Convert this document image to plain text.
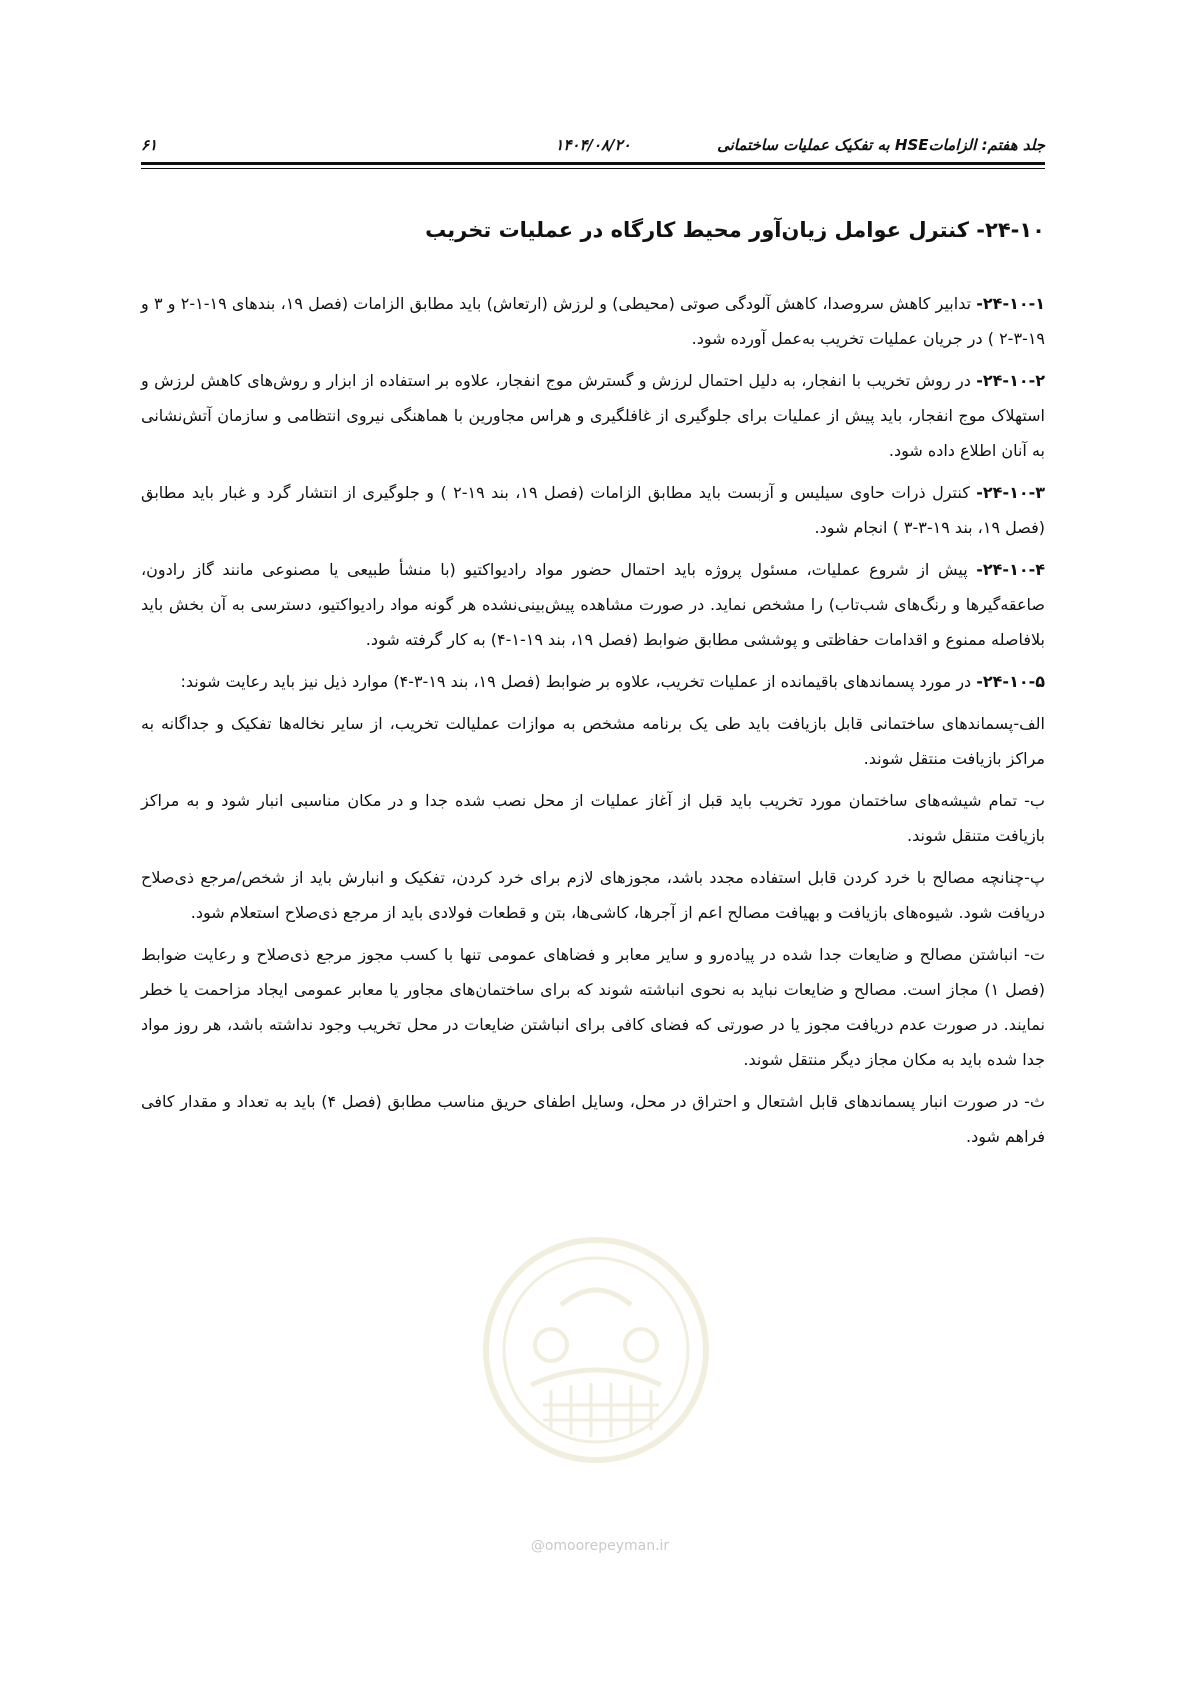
جلد هفتم: الزاماتHSE به تفکیک عملیات ساختمانی
۱۴۰۴/۰۸/۲۰
۶۱
۲۴-۱۰- کنترل عوامل زیان‌آور محیط کارگاه در عملیات تخریب

۲۴-۱۰-۱- تدابیر کاهش سروصدا، کاهش آلودگی صوتی (محیطی) و لرزش (ارتعاش) باید مطابق الزامات (فصل ۱۹، بندهای ۱۹-۱-۲ و ۳ و ۱۹-۳-۲ ) در جریان عملیات تخریب به‌عمل آورده شود.

۲۴-۱۰-۲- در روش تخریب با انفجار، به دلیل احتمال لرزش و گسترش موج انفجار، علاوه بر استفاده از ابزار و روش‌های کاهش لرزش و استهلاک موج انفجار، باید پیش از عملیات برای جلوگیری از غافلگیری و هراس مجاورین با هماهنگی نیروی انتظامی و سازمان آتش‌نشانی به آنان اطلاع داده شود.

۲۴-۱۰-۳- کنترل ذرات حاوی سیلیس و آزبست باید مطابق الزامات (فصل ۱۹، بند ۱۹-۲ ) و جلوگیری از انتشار گرد و غبار باید مطابق (فصل ۱۹، بند ۱۹-۳-۳ ) انجام شود.

۲۴-۱۰-۴- پیش از شروع عملیات، مسئول پروژه باید احتمال حضور مواد رادیواکتیو (با منشأ طبیعی یا مصنوعی مانند گاز رادون، صاعقه‌گیرها و رنگ‌های شب‌تاب) را مشخص نماید. در صورت مشاهده پیش‌بینی‌نشده هر گونه مواد رادیواکتیو، دسترسی به آن بخش باید بلافاصله ممنوع و اقدامات حفاظتی و پوششی مطابق ضوابط (فصل ۱۹، بند ۱۹-۱-۴) به کار گرفته شود.

۲۴-۱۰-۵- در مورد پسماندهای باقیمانده از عملیات تخریب، علاوه بر ضوابط (فصل ۱۹، بند ۱۹-۳-۴) موارد ذیل نیز باید رعایت شوند:

الف-پسماندهای ساختمانی قابل بازیافت باید طی یک برنامه مشخص به موازات عملیالت تخریب، از سایر نخاله‌ها تفکیک و جداگانه به مراکز بازیافت منتقل شوند.

ب- تمام شیشه‌های ساختمان مورد تخریب باید قبل از آغاز عملیات از محل نصب شده جدا و در مکان مناسبی انبار شود و به مراکز بازیافت متنقل شوند.

پ-چنانچه مصالح با خرد کردن قابل استفاده مجدد باشد، مجوزهای لازم برای خرد کردن، تفکیک و انبارش باید از شخص/مرجع ذی‌صلاح دریافت شود. شیوه‌های بازیافت و بهیافت مصالح اعم از آجرها، کاشی‌ها، بتن و قطعات فولادی باید از مرجع ذی‌صلاح استعلام شود.

ت- انباشتن مصالح و ضایعات جدا شده در پیاده‌رو و سایر معابر و فضاهای عمومی تنها با کسب مجوز مرجع ذی‌صلاح و رعایت ضوابط (فصل ۱) مجاز است. مصالح و ضایعات نباید به نحوی انباشته شوند که برای ساختمان‌های مجاور یا معابر عمومی ایجاد مزاحمت یا خطر نمایند. در صورت عدم دریافت مجوز یا در صورتی که فضای کافی برای انباشتن ضایعات در محل تخریب وجود نداشته باشد، هر روز مواد جدا شده باید به مکان مجاز دیگر منتقل شوند.

ث- در صورت انبار پسماندهای قابل اشتعال و احتراق در محل، وسایل اطفای حریق مناسب مطابق (فصل ۴) باید به تعداد و مقدار کافی فراهم شود.

@omoorepeyman.ir
